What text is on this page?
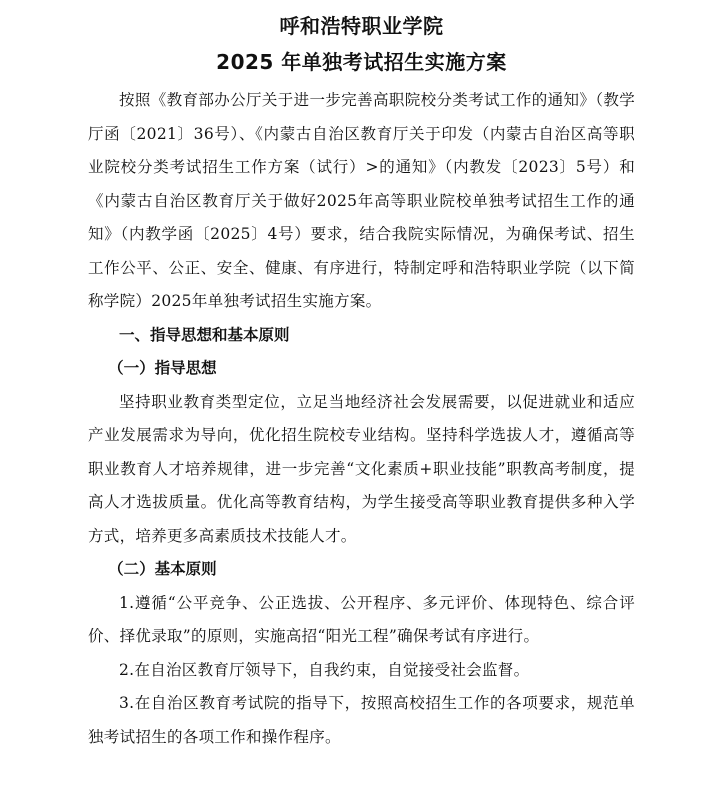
呼和浩特职业学院
2025 年单独考试招生实施方案

按照《教育部办公厅关于进一步完善高职院校分类考试工作的通知》（教学厅函〔2021〕36号）、《内蒙古自治区教育厅关于印发（内蒙古自治区高等职业院校分类考试招生工作方案（试行）>的通知》（内教发〔2023〕5号）和《内蒙古自治区教育厅关于做好2025年高等职业院校单独考试招生工作的通知》（内教学函〔2025〕4号）要求，结合我院实际情况，为确保考试、招生工作公平、公正、安全、健康、有序进行，特制定呼和浩特职业学院（以下简称学院）2025年单独考试招生实施方案。

一、指导思想和基本原则
（一）指导思想

坚持职业教育类型定位，立足当地经济社会发展需要，以促进就业和适应产业发展需求为导向，优化招生院校专业结构。坚持科学选拔人才，遵循高等职业教育人才培养规律，进一步完善“文化素质+职业技能”职教高考制度，提高人才选拔质量。优化高等教育结构，为学生接受高等职业教育提供多种入学方式，培养更多高素质技术技能人才。

（二）基本原则

1.遵循“公平竞争、公正选拔、公开程序、多元评价、体现特色、综合评价、择优录取”的原则，实施高招“阳光工程”确保考试有序进行。

2.在自治区教育厅领导下，自我约束，自觉接受社会监督。

3.在自治区教育考试院的指导下，按照高校招生工作的各项要求，规范单独考试招生的各项工作和操作程序。
